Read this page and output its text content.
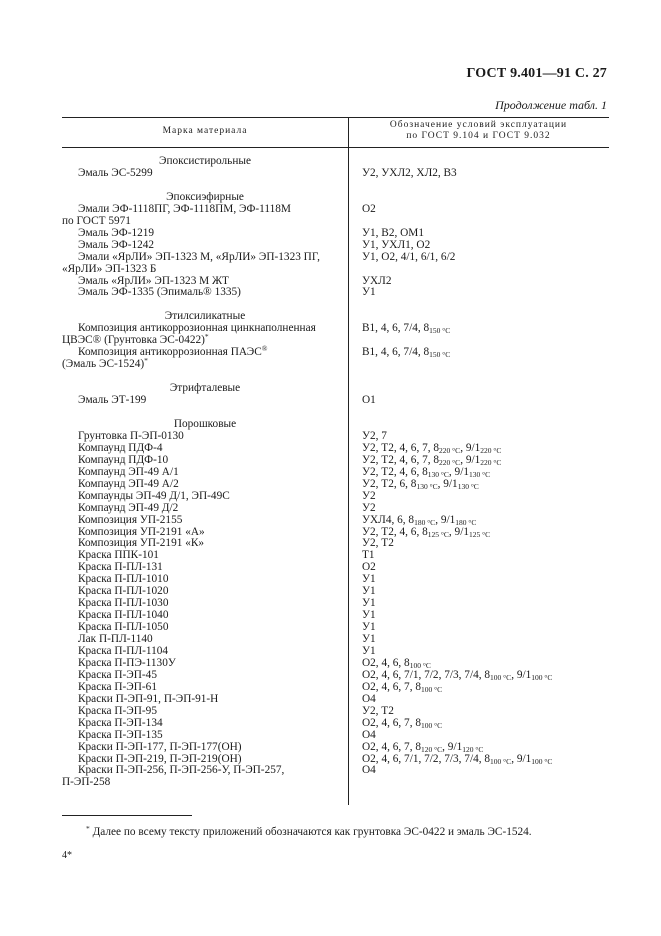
ГОСТ 9.401—91 С. 27
Продолжение табл. 1
Марка материала
Обозначение условий эксплуатации
по ГОСТ 9.104 и ГОСТ 9.032
Эпоксистирольные
Эмаль ЭС-5299	У2, УХЛ2, ХЛ2, В3
Эпоксиэфирные
Эмали ЭФ-1118ПГ, ЭФ-1118ПМ, ЭФ-1118М	О2
по ГОСТ 5971
Эмаль ЭФ-1219	У1, В2, ОМ1
Эмаль ЭФ-1242	У1, УХЛ1, О2
Эмали «ЯрЛИ» ЭП-1323 М, «ЯрЛИ» ЭП-1323 ПГ,	У1, О2, 4/1, 6/1, 6/2
«ЯрЛИ» ЭП-1323 Б
Эмаль «ЯрЛИ» ЭП-1323 М ЖТ	УХЛ2
Эмаль ЭФ-1335 (Эпималь® 1335)	У1
Этилсиликатные
Композиция антикоррозионная цинкнаполненная	В1, 4, 6, 7/4, $8_{150 ^\circ С}$
ЦВЭС® (Грунтовка ЭС-0422)*
Композиция антикоррозионная ПАЭС®	В1, 4, 6, 7/4, $8_{150 ^\circ С}$
(Эмаль ЭС-1524)*
Этрифталевые
Эмаль ЭТ-199	О1
Порошковые
Грунтовка П-ЭП-0130	У2, 7
Компаунд ПДФ-4	У2, Т2, 4, 6, 7, $8_{220 ^\circ С}$, $9/1_{220 ^\circ С}$
Компаунд ПДФ-10	У2, Т2, 4, 6, 7, $8_{220 ^\circ С}$, $9/1_{220 ^\circ С}$
Компаунд ЭП-49 А/1	У2, Т2, 4, 6, $8_{130 ^\circ С}$, $9/1_{130 ^\circ С}$
Компаунд ЭП-49 А/2	У2, Т2, 6, $8_{130 ^\circ С}$, $9/1_{130 ^\circ С}$
Компаунды ЭП-49 Д/1, ЭП-49С	У2
Компаунд ЭП-49 Д/2	У2
Композиция УП-2155	УХЛ4, 6, $8_{180 ^\circ С}$, $9/1_{180 ^\circ С}$
Композиция УП-2191 «А»	У2, Т2, 4, 6, $8_{125 ^\circ С}$, $9/1_{125 ^\circ С}$
Композиция УП-2191 «К»	У2, Т2
Краска ППК-101	Т1
Краска П-ПЛ-131	О2
Краска П-ПЛ-1010	У1
Краска П-ПЛ-1020	У1
Краска П-ПЛ-1030	У1
Краска П-ПЛ-1040	У1
Краска П-ПЛ-1050	У1
Лак П-ПЛ-1140	У1
Краска П-ПЛ-1104	У1
Краска П-ПЭ-1130У	О2, 4, 6, $8_{100 ^\circ С}$
Краска П-ЭП-45	О2, 4, 6, 7/1, 7/2, 7/3, 7/4, $8_{100 ^\circ С}$, $9/1_{100 ^\circ С}$
Краска П-ЭП-61	О2, 4, 6, 7, $8_{100 ^\circ С}$
Краски П-ЭП-91, П-ЭП-91-Н	О4
Краска П-ЭП-95	У2, Т2
Краска П-ЭП-134	О2, 4, 6, 7, $8_{100 ^\circ С}$
Краска П-ЭП-135	О4
Краски П-ЭП-177, П-ЭП-177(ОН)	О2, 4, 6, 7, $8_{120 ^\circ С}$, $9/1_{120 ^\circ С}$
Краски П-ЭП-219, П-ЭП-219(ОН)	О2, 4, 6, 7/1, 7/2, 7/3, 7/4, $8_{100 ^\circ С}$, $9/1_{100 ^\circ С}$
Краски П-ЭП-256, П-ЭП-256-У, П-ЭП-257,	О4
П-ЭП-258
* Далее по всему тексту приложений обозначаются как грунтовка ЭС-0422 и эмаль ЭС-1524.
4*
